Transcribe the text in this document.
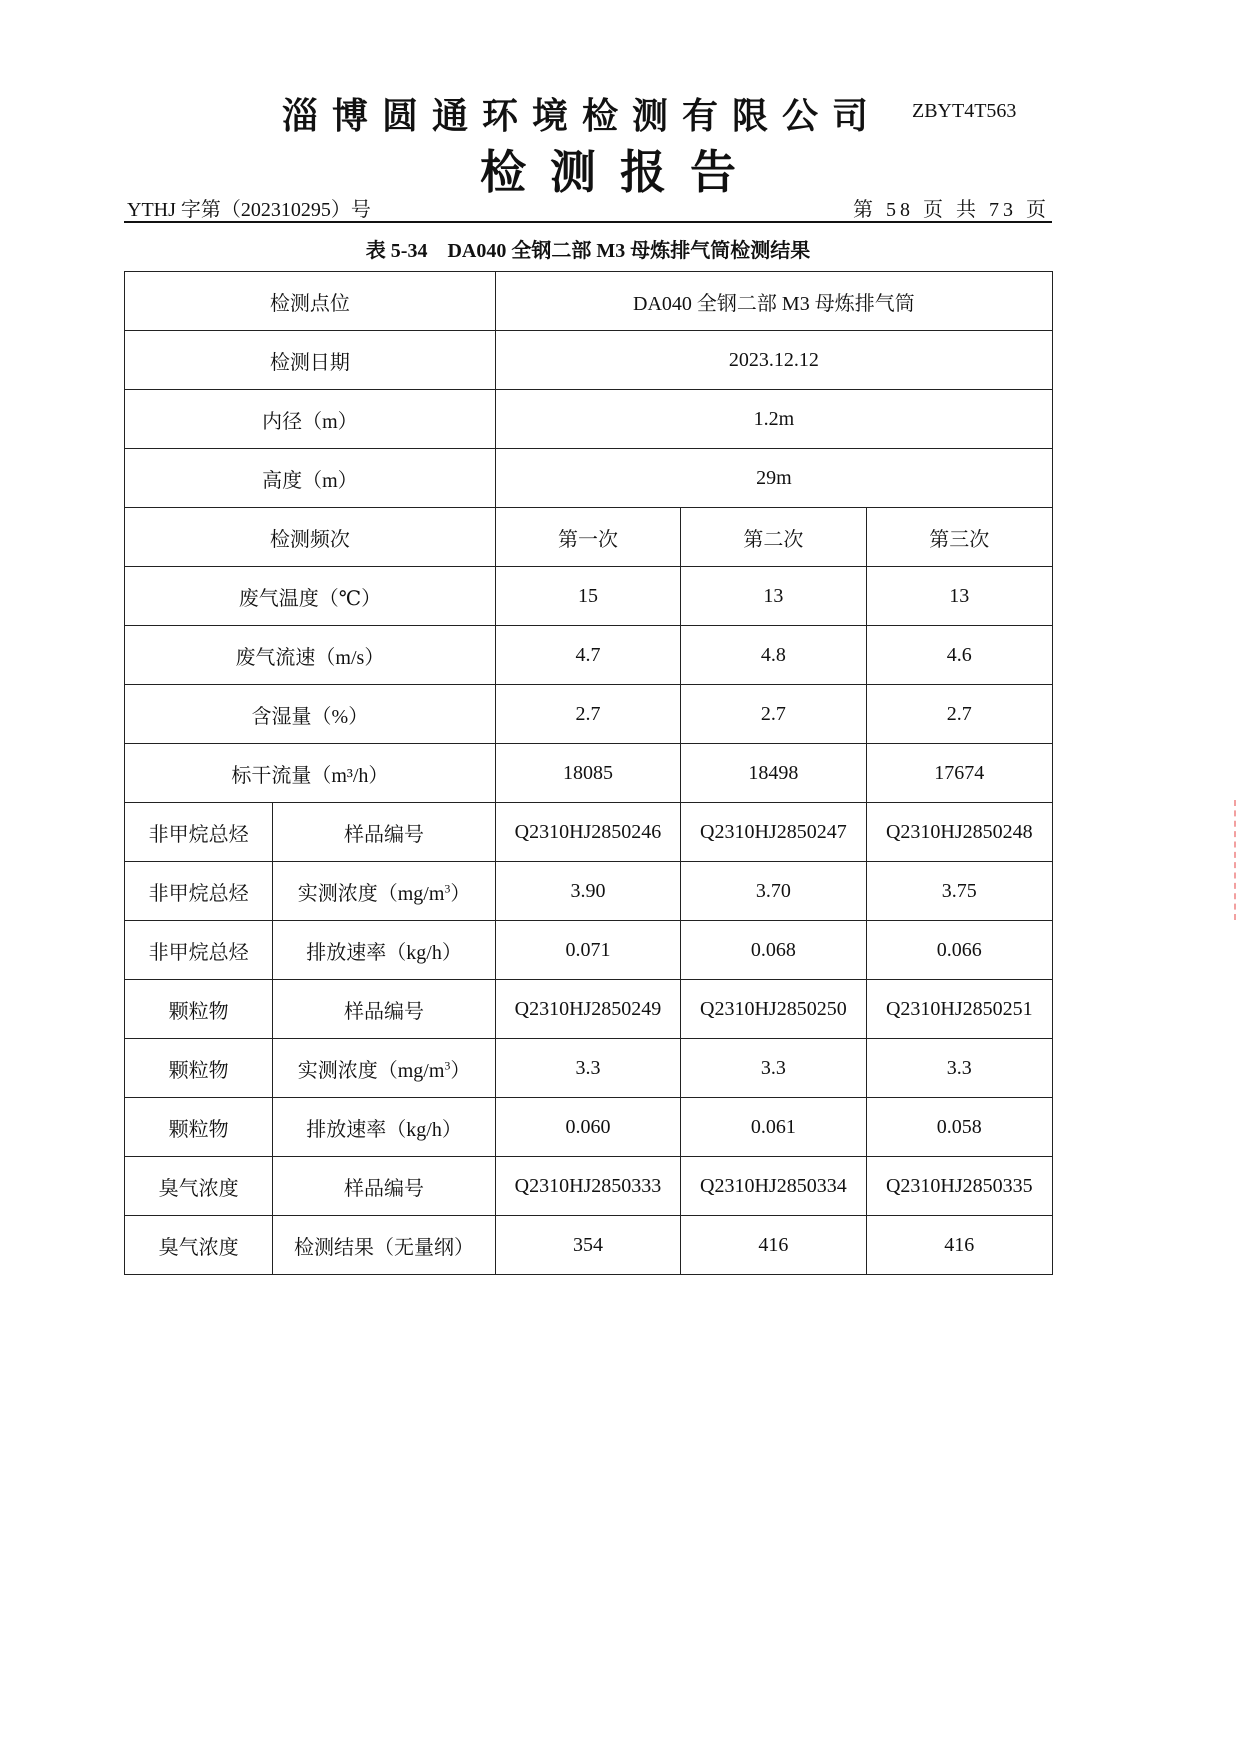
淄博圆通环境检测有限公司 ZBYT4T563
检测报告
YTHJ 字第（202310295）号	第 58 页 共 73 页
表 5-34　DA040 全钢二部 M3 母炼排气筒检测结果
检测点位		DA040 全钢二部 M3 母炼排气筒		
检测日期		2023.12.12		
内径（m）		1.2m		
高度（m）		29m		
检测频次		第一次	第二次	第三次
废气温度（℃）		15	13	13
废气流速（m/s）		4.7	4.8	4.6
含湿量（%）		2.7	2.7	2.7
标干流量（m³/h）		18085	18498	17674
非甲烷总烃	样品编号	Q2310HJ2850246	Q2310HJ2850247	Q2310HJ2850248
非甲烷总烃	实测浓度$(mg/m^3)$	3.90	3.70	3.75
非甲烷总烃	排放速率（kg/h）	0.071	0.068	0.066
颗粒物	样品编号	Q2310HJ2850249	Q2310HJ2850250	Q2310HJ2850251
颗粒物	实测浓度$(mg/m^3)$	3.3	3.3	3.3
颗粒物	排放速率（kg/h）	0.060	0.061	0.058
臭气浓度	样品编号	Q2310HJ2850333	Q2310HJ2850334	Q2310HJ2850335
臭气浓度	检测结果（无量纲）	354	416	416
